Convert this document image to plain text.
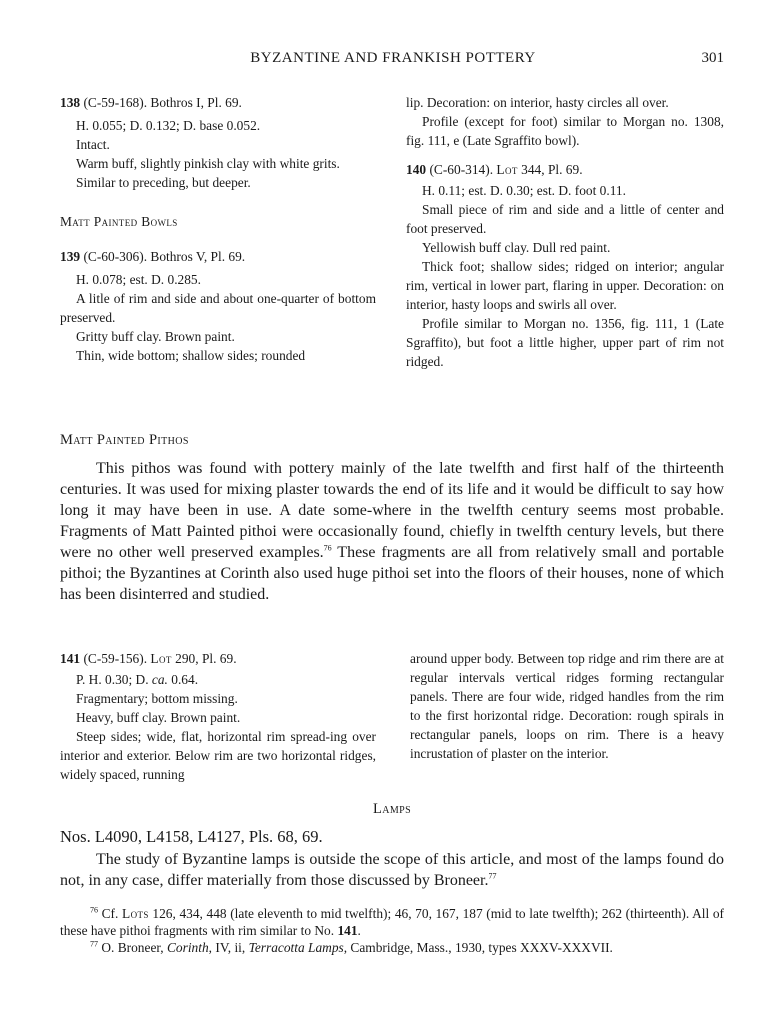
BYZANTINE AND FRANKISH POTTERY	301

138 (C-59-168). Bothros I, Pl. 69.

H. 0.055; D. 0.132; D. base 0.052.

Intact.

Warm buff, slightly pinkish clay with white grits.

Similar to preceding, but deeper.

Matt Painted Bowls

139 (C-60-306). Bothros V, Pl. 69.

H. 0.078; est. D. 0.285.

A litle of rim and side and about one-quarter of bottom preserved.

Gritty buff clay. Brown paint.

Thin, wide bottom; shallow sides; rounded

lip. Decoration: on interior, hasty circles all over.

Profile (except for foot) similar to Morgan no. 1308, fig. 111, e (Late Sgraffito bowl).

140 (C-60-314). Lot 344, Pl. 69.

H. 0.11; est. D. 0.30; est. D. foot 0.11.

Small piece of rim and side and a little of center and foot preserved.

Yellowish buff clay. Dull red paint.

Thick foot; shallow sides; ridged on interior; angular rim, vertical in lower part, flaring in upper. Decoration: on interior, hasty loops and swirls all over.

Profile similar to Morgan no. 1356, fig. 111, 1 (Late Sgraffito), but foot a little higher, upper part of rim not ridged.

Matt Painted Pithos

This pithos was found with pottery mainly of the late twelfth and first half of the thirteenth centuries. It was used for mixing plaster towards the end of its life and it would be difficult to say how long it may have been in use. A date some-where in the twelfth century seems most probable. Fragments of Matt Painted pithoi were occasionally found, chiefly in twelfth century levels, but there were no other well preserved examples.$^{76}$ These fragments are all from relatively small and portable pithoi; the Byzantines at Corinth also used huge pithoi set into the floors of their houses, none of which has been disinterred and studied.

141 (C-59-156). Lot 290, Pl. 69.

P. H. 0.30; D. ca. 0.64.

Fragmentary; bottom missing.

Heavy, buff clay. Brown paint.

Steep sides; wide, flat, horizontal rim spread-ing over interior and exterior. Below rim are two horizontal ridges, widely spaced, running

around upper body. Between top ridge and rim there are at regular intervals vertical ridges forming rectangular panels. There are four wide, ridged handles from the rim to the first horizontal ridge. Decoration: rough spirals in rectangular panels, loops on rim. There is a heavy incrustation of plaster on the interior.

Lamps
Nos. L4090, L4158, L4127, Pls. 68, 69.

The study of Byzantine lamps is outside the scope of this article, and most of the lamps found do not, in any case, differ materially from those discussed by Broneer.$^{77}$

$^{76}$ Cf. Lots 126, 434, 448 (late eleventh to mid twelfth); 46, 70, 167, 187 (mid to late twelfth); 262 (thirteenth). All of these have pithoi fragments with rim similar to No. 141.

$^{77}$ O. Broneer, Corinth, IV, ii, Terracotta Lamps, Cambridge, Mass., 1930, types XXXV-XXXVII.
